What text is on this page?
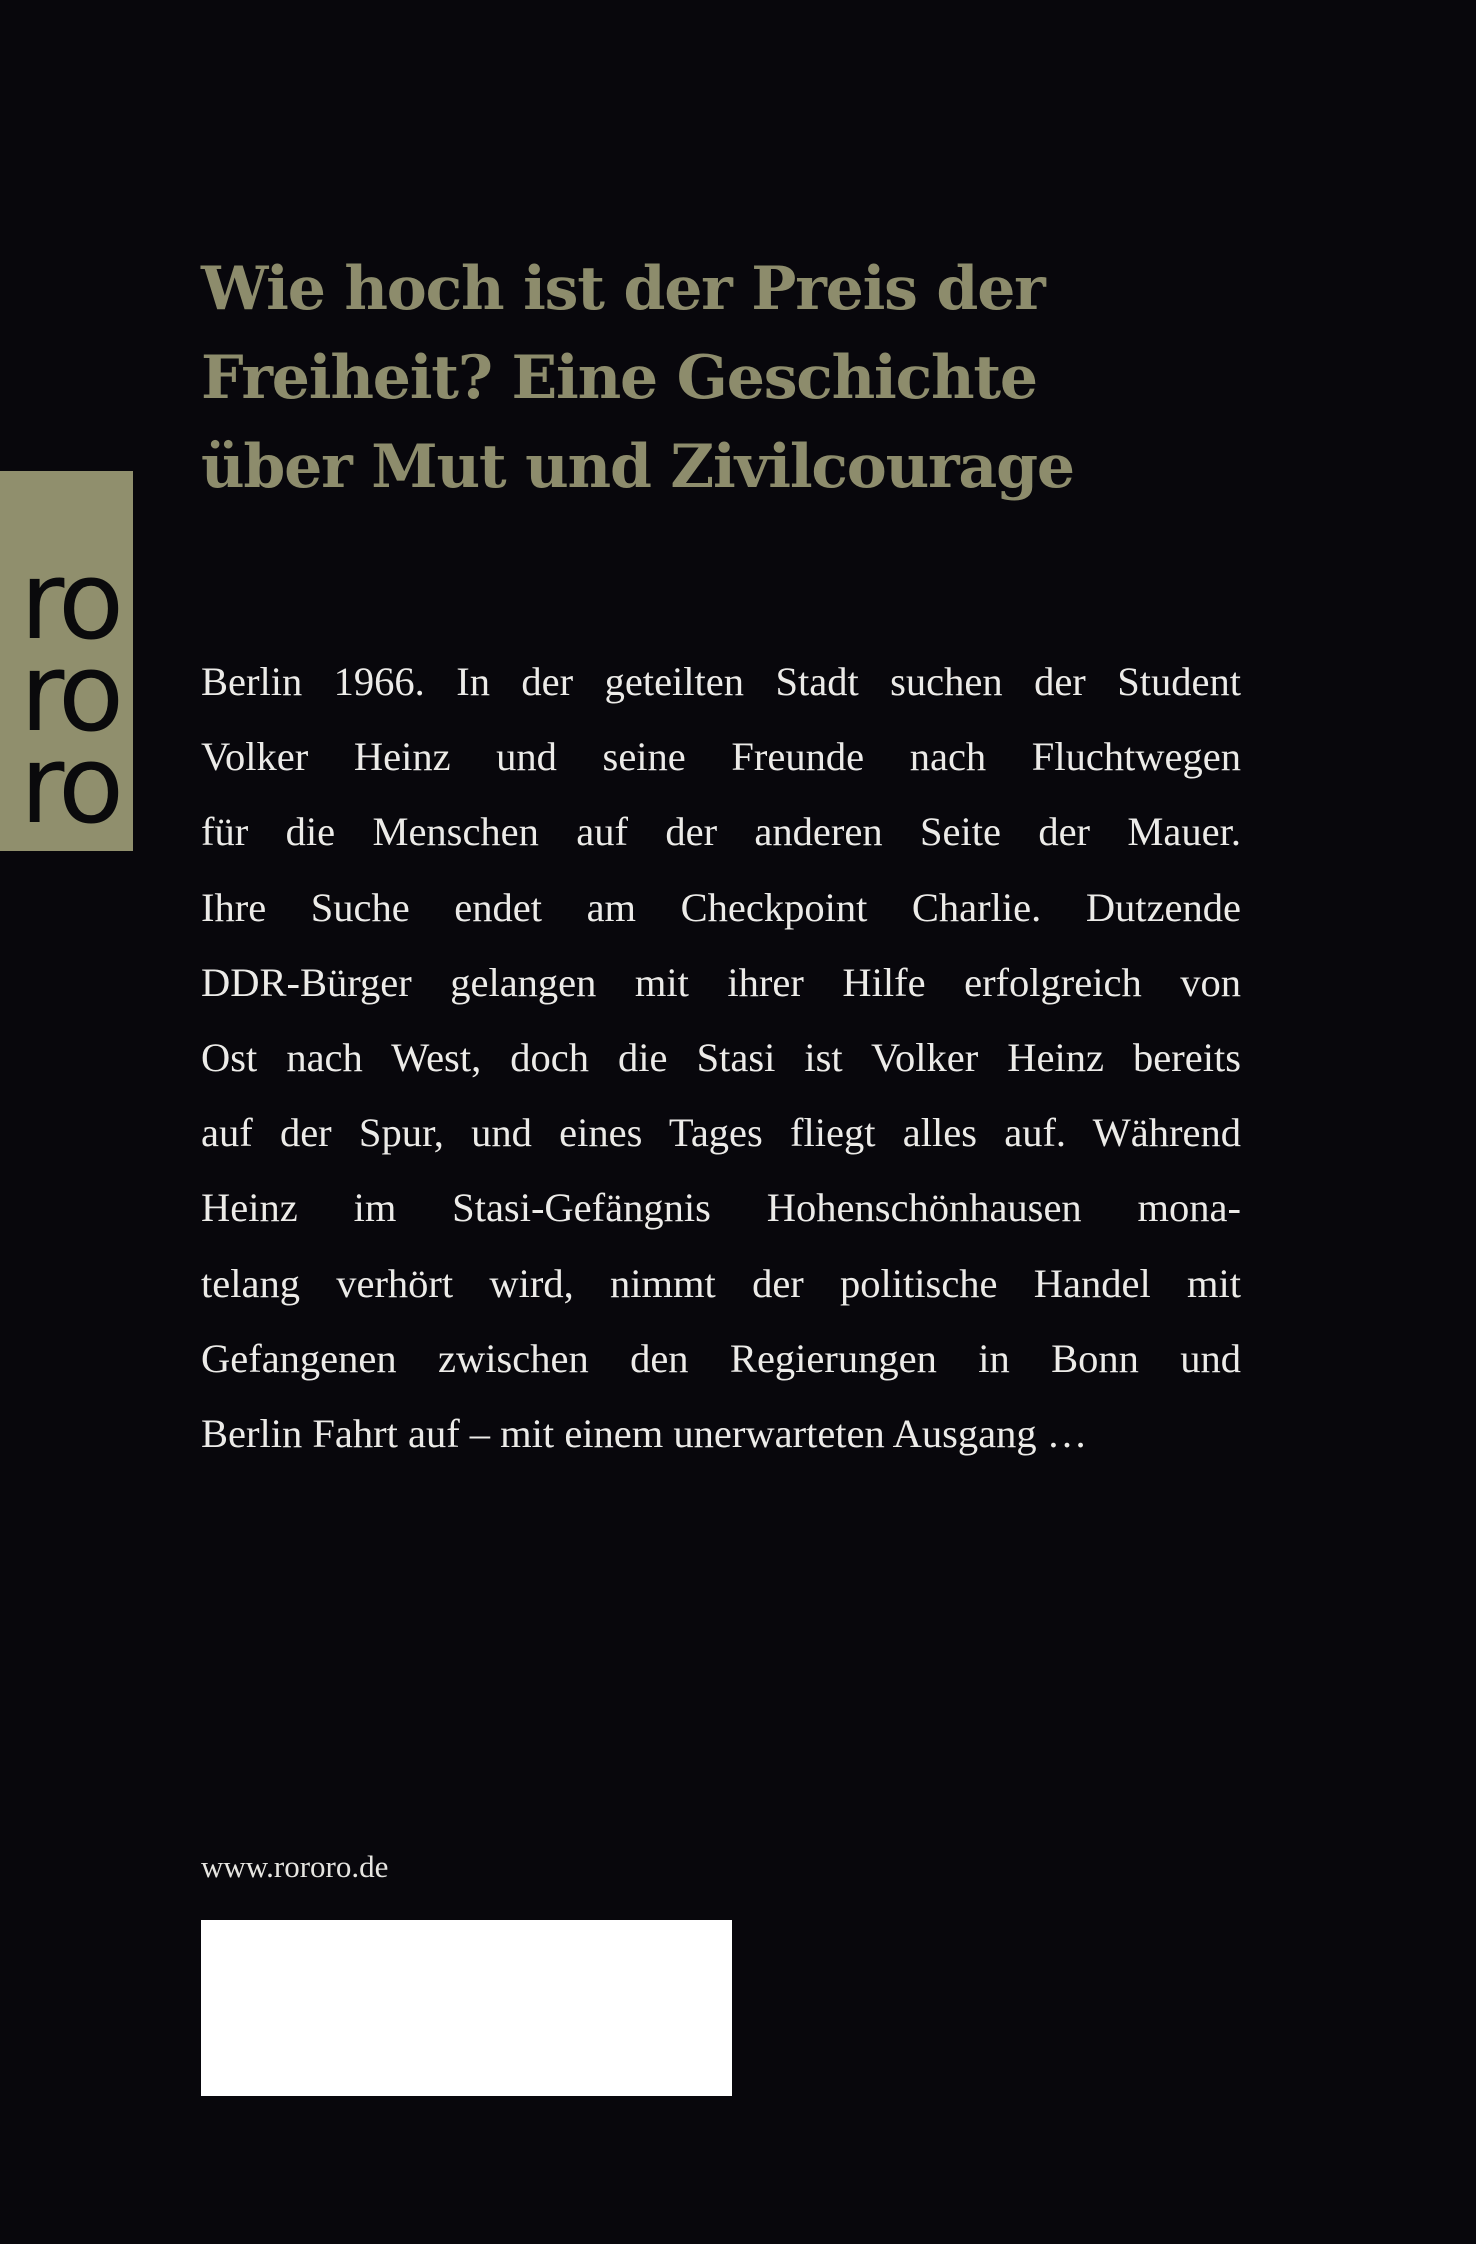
Wie hoch ist der Preis der
Freiheit? Eine Geschichte
über Mut und Zivilcourage
ro
ro
ro
Berlin 1966. In der geteilten Stadt suchen der Student
Volker Heinz und seine Freunde nach Fluchtwegen
für die Menschen auf der anderen Seite der Mauer.
Ihre Suche endet am Checkpoint Charlie. Dutzende
DDR-Bürger gelangen mit ihrer Hilfe erfolgreich von
Ost nach West, doch die Stasi ist Volker Heinz bereits
auf der Spur, und eines Tages fliegt alles auf. Während
Heinz im Stasi-Gefängnis Hohenschönhausen mona-
telang verhört wird, nimmt der politische Handel mit
Gefangenen zwischen den Regierungen in Bonn und
Berlin Fahrt auf – mit einem unerwarteten Ausgang …
www.rororo.de
